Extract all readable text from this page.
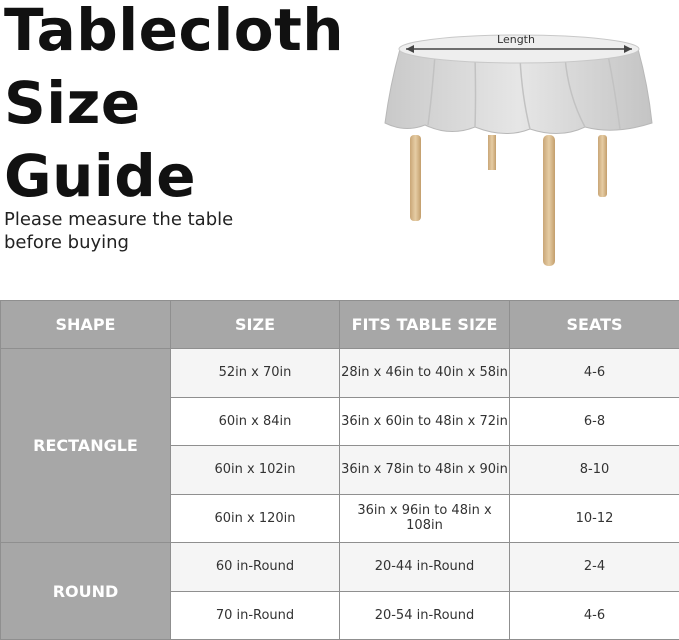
Tablecloth
Size
Guide
Please measure the table
before buying
Length
SHAPE	SIZE	FITS TABLE SIZE	SEATS
RECTANGLE	52in x 70in	28in x 46in to 40in x 58in	4-6
	60in x 84in	36in x 60in to 48in x 72in	6-8
	60in x 102in	36in x 78in to 48in x 90in	8-10
	60in x 120in	36in x 96in to 48in x 108in	10-12
ROUND	60 in-Round	20-44 in-Round	2-4
	70 in-Round	20-54 in-Round	4-6
